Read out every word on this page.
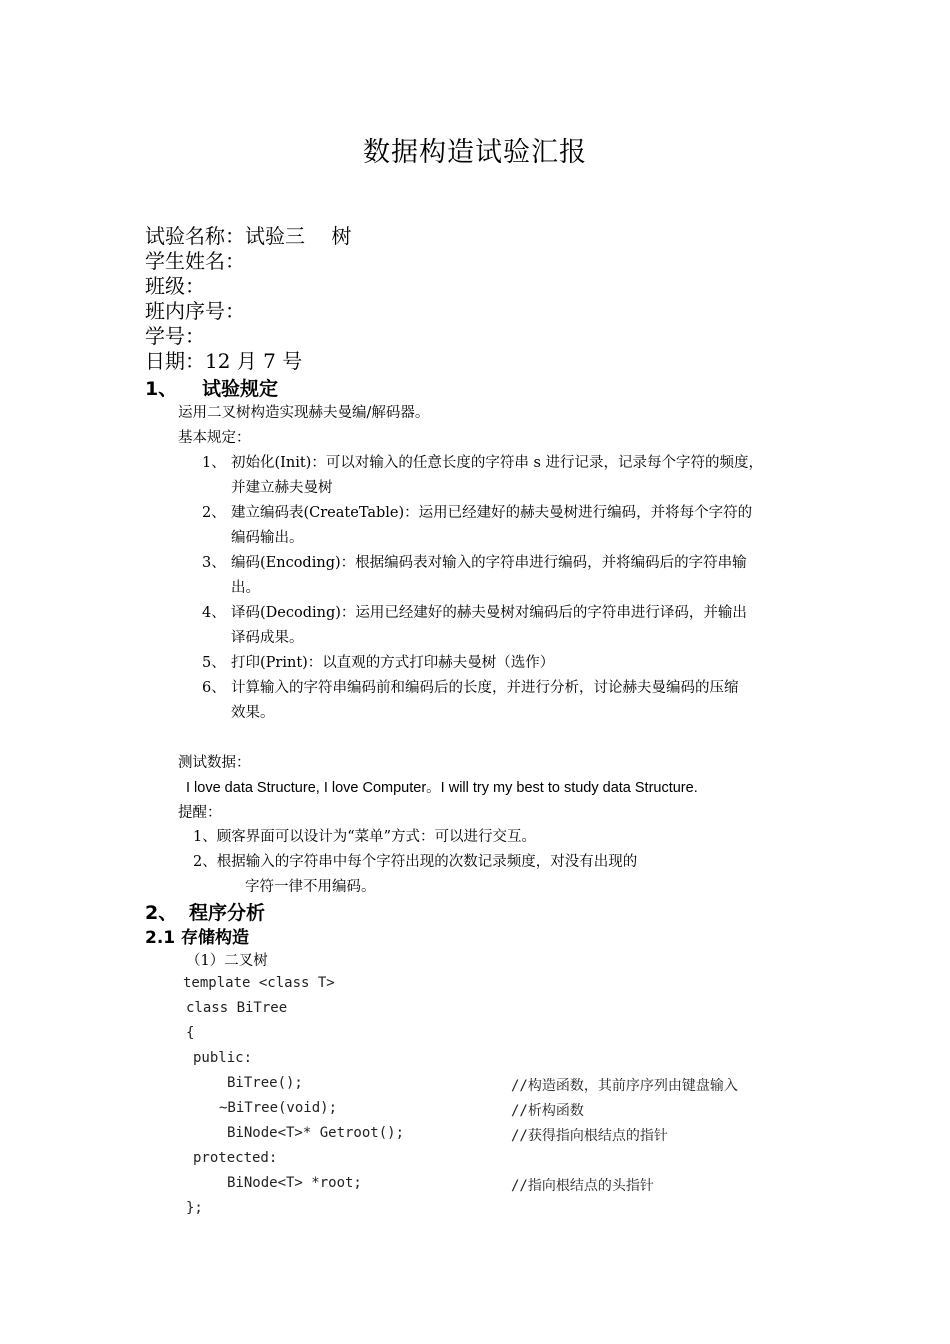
数据构造试验汇报
试验名称：试验三　 树
学生姓名：
班级：
班内序号：
学号：
日期：12 月 7 号
1、 试验规定
运用二叉树构造实现赫夫曼编/解码器。
基本规定：
1、 初始化(Init)：可以对输入的任意长度的字符串 s 进行记录，记录每个字符的频度，
并建立赫夫曼树
2、 建立编码表(CreateTable)：运用已经建好的赫夫曼树进行编码，并将每个字符的
编码输出。
3、 编码(Encoding)：根据编码表对输入的字符串进行编码，并将编码后的字符串输
出。
4、 译码(Decoding)：运用已经建好的赫夫曼树对编码后的字符串进行译码，并输出
译码成果。
5、 打印(Print)：以直观的方式打印赫夫曼树（选作）
6、 计算输入的字符串编码前和编码后的长度，并进行分析，讨论赫夫曼编码的压缩
效果。
测试数据：
I love data Structure, I love Computer。I will try my best to study data Structure.
提醒：
1、顾客界面可以设计为“菜单”方式：可以进行交互。
2、根据输入的字符串中每个字符出现的次数记录频度，对没有出现的
字符一律不用编码。
2、 程序分析
2.1 存储构造
（1）二叉树
template <class T>
class BiTree
{
public:
BiTree();	//构造函数，其前序序列由键盘输入
~BiTree(void);	//析构函数
BiNode<T>* Getroot();	//获得指向根结点的指针
protected:
BiNode<T> *root;	//指向根结点的头指针
};
